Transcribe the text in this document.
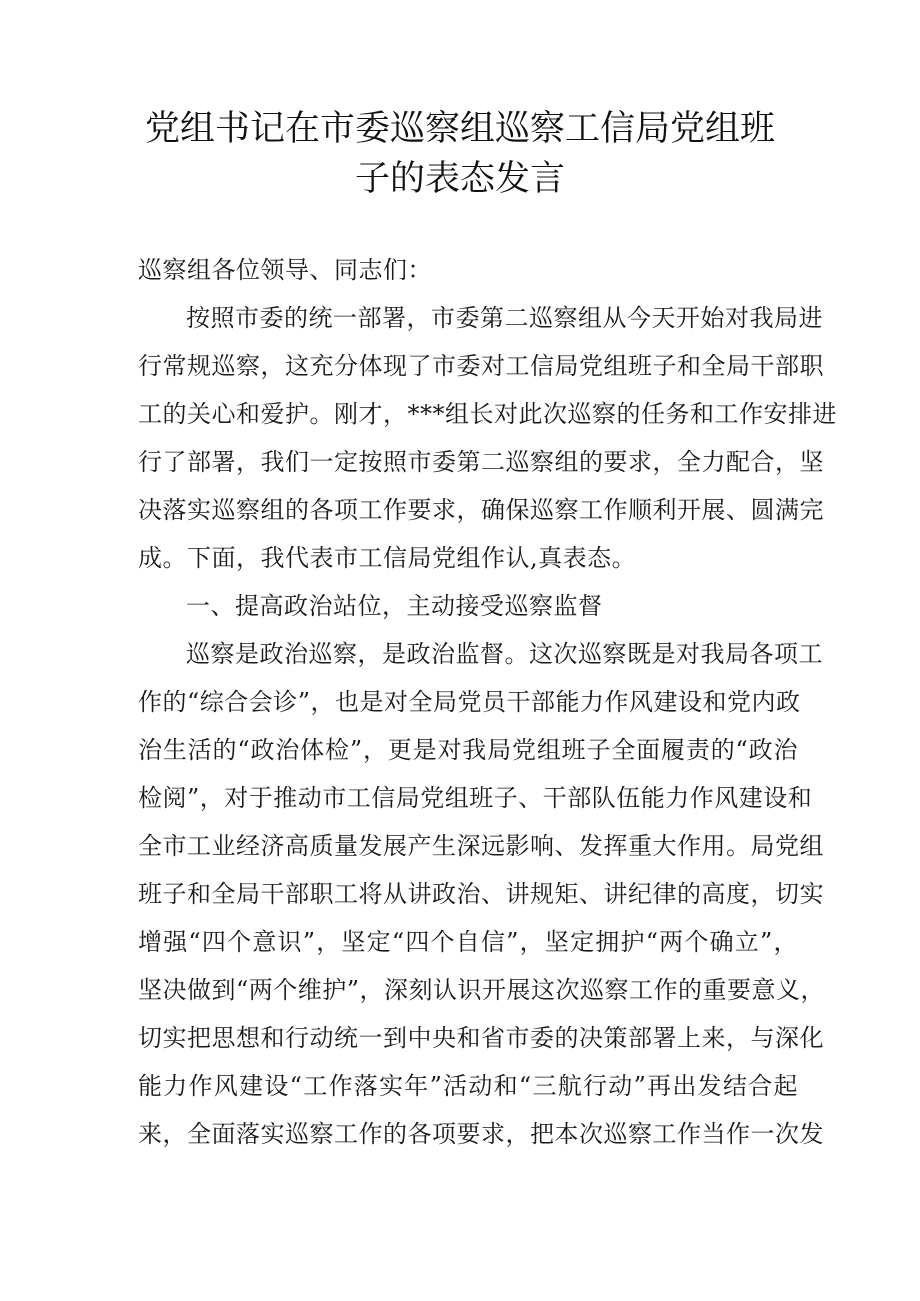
党组书记在市委巡察组巡察工信局党组班
子的表态发言
巡察组各位领导、同志们：
按照市委的统一部署，市委第二巡察组从今天开始对我局进
行常规巡察，这充分体现了市委对工信局党组班子和全局干部职
工的关心和爱护。刚才，***组长对此次巡察的任务和工作安排进
行了部署，我们一定按照市委第二巡察组的要求，全力配合，坚
决落实巡察组的各项工作要求，确保巡察工作顺利开展、圆满完
成。下面，我代表市工信局党组作认,真表态。
一、提高政治站位，主动接受巡察监督
巡察是政治巡察，是政治监督。这次巡察既是对我局各项工
作的“综合会诊”，也是对全局党员干部能力作风建设和党内政
治生活的“政治体检”，更是对我局党组班子全面履责的“政治
检阅”，对于推动市工信局党组班子、干部队伍能力作风建设和
全市工业经济高质量发展产生深远影响、发挥重大作用。局党组
班子和全局干部职工将从讲政治、讲规矩、讲纪律的高度，切实
增强“四个意识”，坚定“四个自信”，坚定拥护“两个确立”，
坚决做到“两个维护”，深刻认识开展这次巡察工作的重要意义，
切实把思想和行动统一到中央和省市委的决策部署上来，与深化
能力作风建设“工作落实年”活动和“三航行动”再出发结合起
来，全面落实巡察工作的各项要求，把本次巡察工作当作一次发
